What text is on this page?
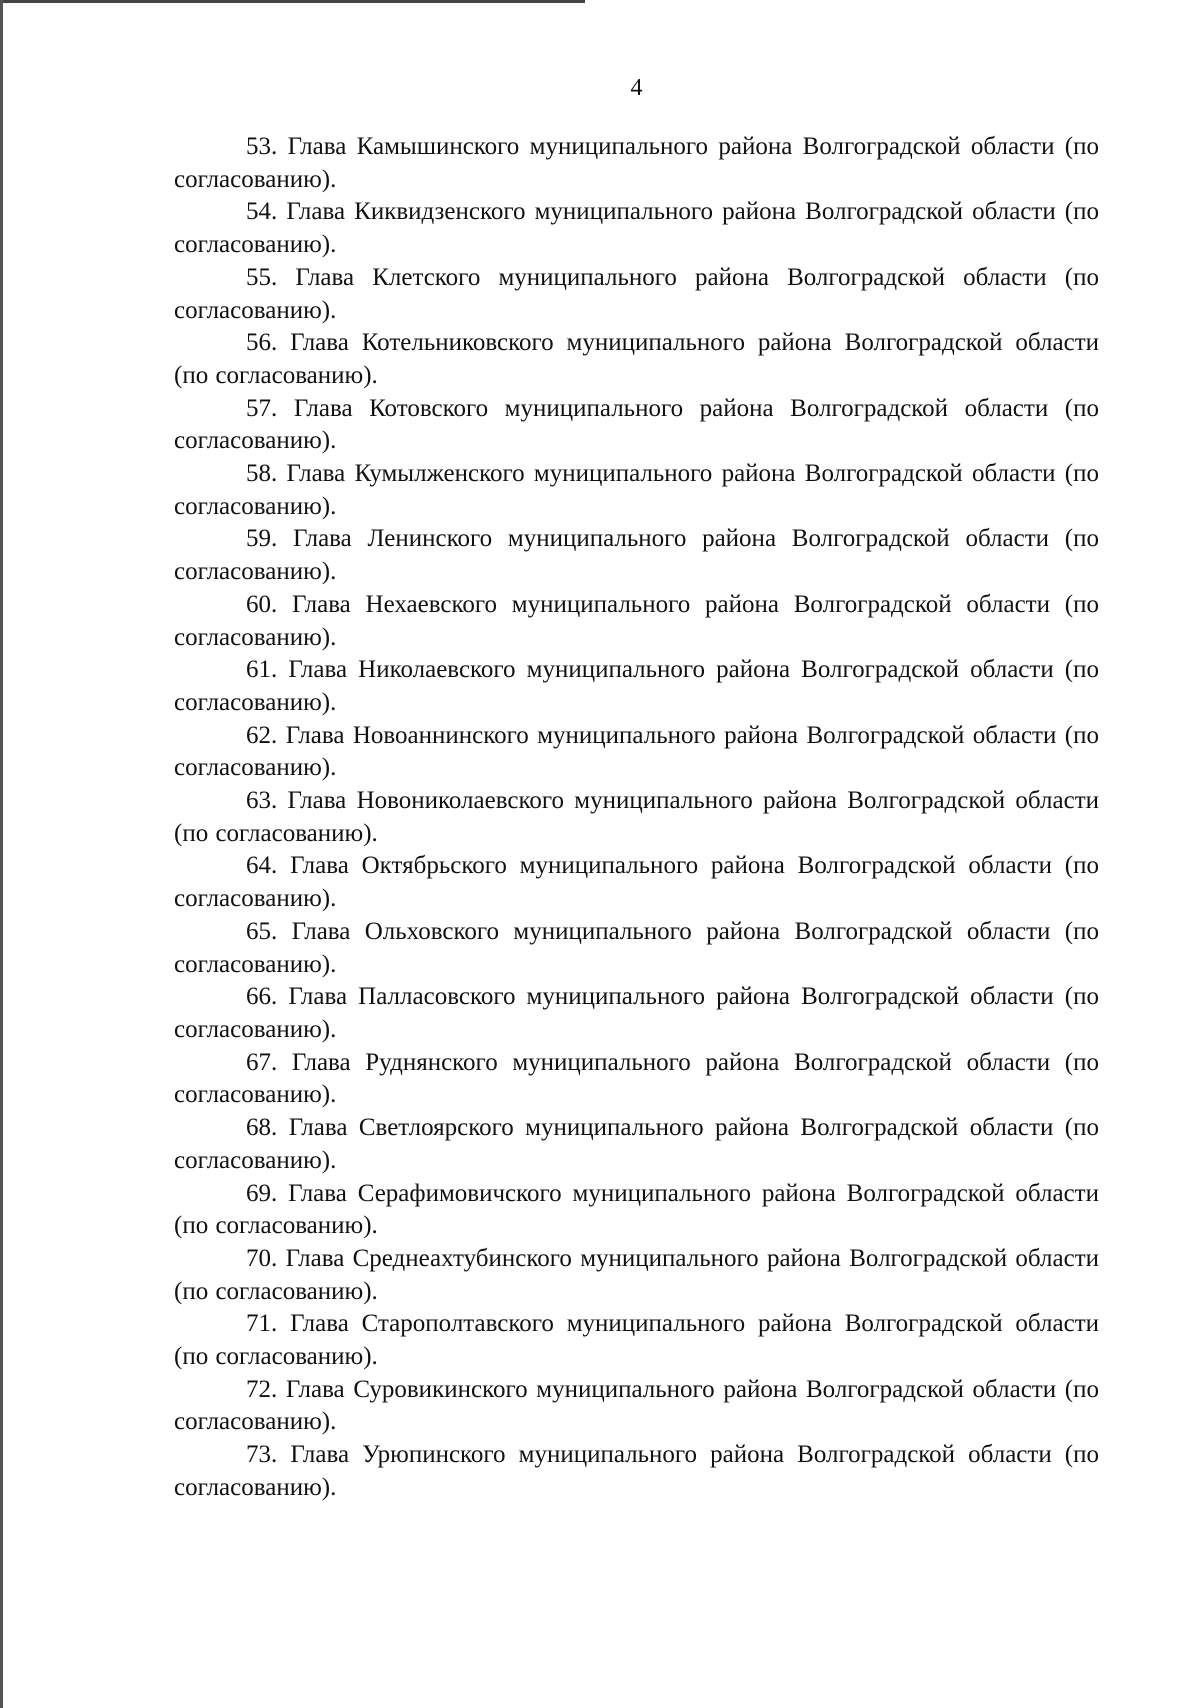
4

53. Глава Камышинского муниципального района Волгоградской области (по согласованию).

54. Глава Киквидзенского муниципального района Волгоградской области (по согласованию).

55. Глава Клетского муниципального района Волгоградской области (по согласованию).

56. Глава Котельниковского муниципального района Волгоградской области (по согласованию).

57. Глава Котовского муниципального района Волгоградской области (по согласованию).

58. Глава Кумылженского муниципального района Волгоградской области (по согласованию).

59. Глава Ленинского муниципального района Волгоградской области (по согласованию).

60. Глава Нехаевского муниципального района Волгоградской области (по согласованию).

61. Глава Николаевского муниципального района Волгоградской области (по согласованию).

62. Глава Новоаннинского муниципального района Волгоградской области (по согласованию).

63. Глава Новониколаевского муниципального района Волгоградской области (по согласованию).

64. Глава Октябрьского муниципального района Волгоградской области (по согласованию).

65. Глава Ольховского муниципального района Волгоградской области (по согласованию).

66. Глава Палласовского муниципального района Волгоградской области (по согласованию).

67. Глава Руднянского муниципального района Волгоградской области (по согласованию).

68. Глава Светлоярского муниципального района Волгоградской области (по согласованию).

69. Глава Серафимовичского муниципального района Волгоградской области (по согласованию).

70. Глава Среднеахтубинского муниципального района Волгоградской области (по согласованию).

71. Глава Старополтавского муниципального района Волгоградской области (по согласованию).

72. Глава Суровикинского муниципального района Волгоградской области (по согласованию).

73. Глава Урюпинского муниципального района Волгоградской области (по согласованию).
